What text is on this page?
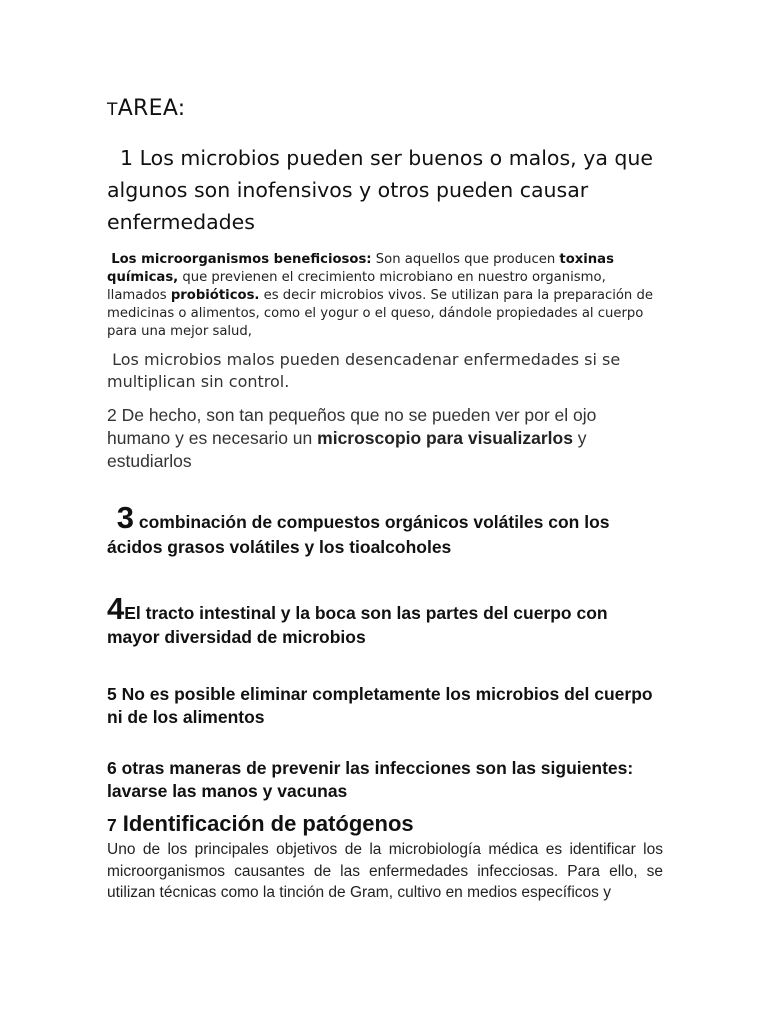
TAREA:
1 Los microbios pueden ser buenos o malos, ya que algunos son inofensivos y otros pueden causar enfermedades
Los microorganismos beneficiosos: Son aquellos que producen toxinas químicas, que previenen el crecimiento microbiano en nuestro organismo, llamados probióticos. es decir microbios vivos. Se utilizan para la preparación de medicinas o alimentos, como el yogur o el queso, dándole propiedades al cuerpo para una mejor salud,
Los microbios malos pueden desencadenar enfermedades si se multiplican sin control.
2 De hecho, son tan pequeños que no se pueden ver por el ojo humano y es necesario un microscopio para visualizarlos y estudiarlos
3 combinación de compuestos orgánicos volátiles con los ácidos grasos volátiles y los tioalcoholes
4El tracto intestinal y la boca son las partes del cuerpo con mayor diversidad de microbios
5 No es posible eliminar completamente los microbios del cuerpo ni de los alimentos
6 otras maneras de prevenir las infecciones son las siguientes: lavarse las manos y vacunas
7 Identificación de patógenos
Uno de los principales objetivos de la microbiología médica es identificar los microorganismos causantes de las enfermedades infecciosas. Para ello, se utilizan técnicas como la tinción de Gram, cultivo en medios específicos y
